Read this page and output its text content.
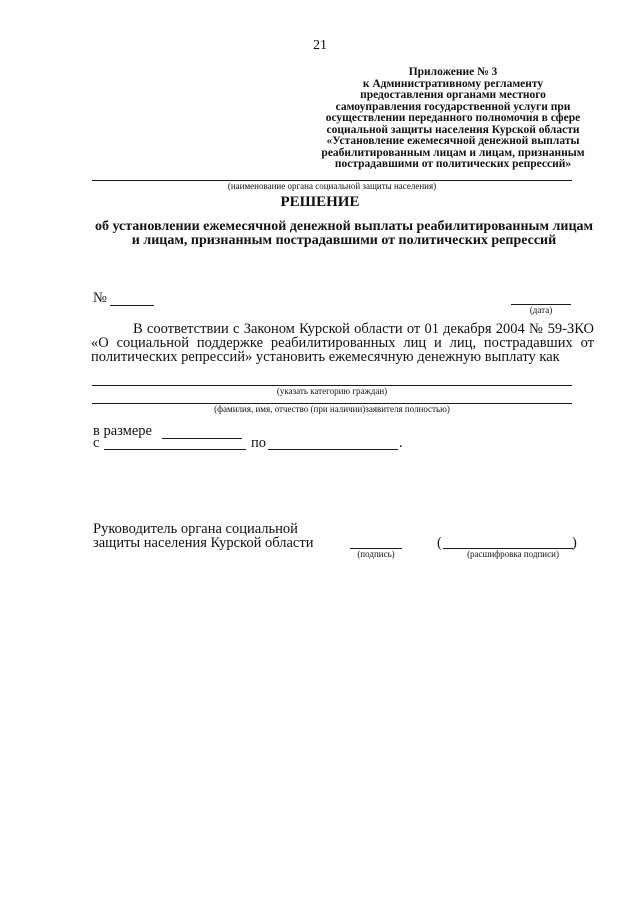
21
Приложение № 3
к Административному регламенту
предоставления органами местного
самоуправления государственной услуги при
осуществлении переданного полномочия в сфере
социальной защиты населения Курской области
«Установление ежемесячной денежной выплаты
реабилитированным лицам и лицам, признанным
пострадавшими от политических репрессий»
(наименование органа социальной защиты населения)
РЕШЕНИЕ
об установлении ежемесячной денежной выплаты реабилитированным лицам и лицам, признанным пострадавшими от политических репрессий
№
(дата)
В соответствии с Законом Курской области от 01 декабря 2004 № 59-ЗКО «О социальной поддержке реабилитированных лиц и лиц, пострадавших от политических репрессий» установить ежемесячную денежную выплату как
(указать категорию граждан)
(фамилия, имя, отчество (при наличии)заявителя полностью)
в размере
с	по	.
Руководитель органа социальной
защиты населения Курской области
(подпись)
(	)
(расшифровка подписи)
